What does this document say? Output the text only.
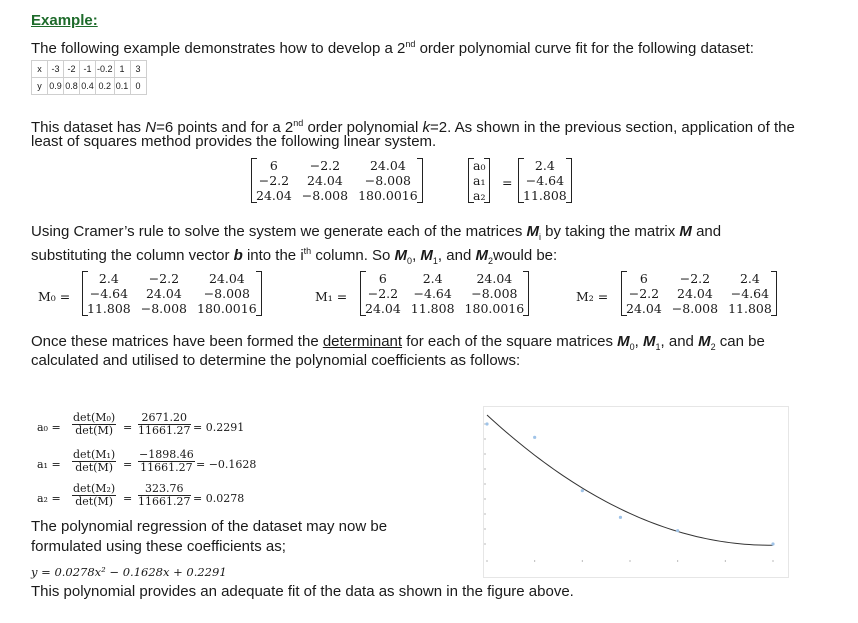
Example:
The following example demonstrates how to develop a 2nd order polynomial curve fit for the following dataset:
x	-3	-2	-1	-0.2	1	3
y	0.9	0.8	0.4	0.2	0.1	0
This dataset has N=6 points and for a 2nd order polynomial k=2. As shown in the previous section, application of the
least of squares method provides the following linear system.
6	−2.2	24.04
−2.2	24.04	−8.008
24.04	−8.008	180.0016
a₀
a₁
a₂
=
2.4
−4.64
11.808
Using Cramer’s rule to solve the system we generate each of the matrices $M_i$ by taking the matrix M and
substituting the column vector b into the $i^{th}$ column. So $M_0$, $M_1$, and $M_2would$ be:
M₀ =
2.4	−2.2	24.04
−4.64	24.04	−8.008
11.808	−8.008	180.0016
M₁ =
6	2.4	24.04
−2.2	−4.64	−8.008
24.04	11.808	180.0016
M₂ =
6	−2.2	2.4
−2.2	24.04	−4.64
24.04	−8.008	11.808
Once these matrices have been formed the determinant for each of the square matrices $M_0$, $M_1$, and $M_2$ can be
calculated and utilised to determine the polynomial coefficients as follows:
a₀ =
det(M₀)
$\det(M) = \frac{2671.20}{11661.27} = 0.2291$
a₁ =
det(M₁)
$\det(M) = \frac{-1898.46}{11661.27} = -0.1628$
a₂ =
det(M₂)
$\det(M) = \frac{323.76}{11661.27} = 0.0278$
The polynomial regression of the dataset may now be
formulated using these coefficients as;
y = 0.0278x² − 0.1628x + 0.2291
This polynomial provides an adequate fit of the data as shown in the figure above.
